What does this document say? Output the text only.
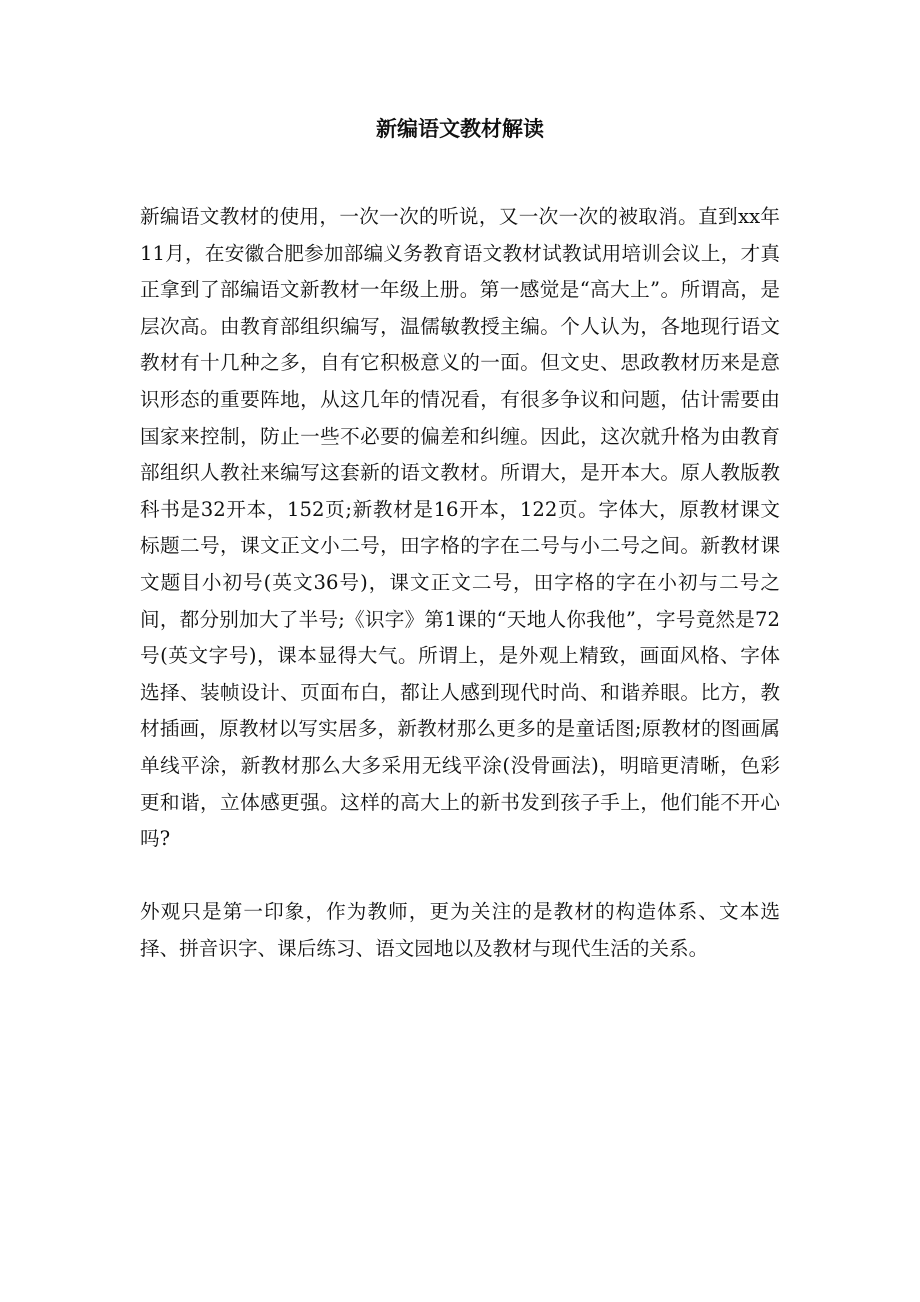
新编语文教材解读

新编语文教材的使用，一次一次的听说，又一次一次的被取消。直到xx年11月，在安徽合肥参加部编义务教育语文教材试教试用培训会议上，才真正拿到了部编语文新教材一年级上册。第一感觉是“高大上”。所谓高，是层次高。由教育部组织编写，温儒敏教授主编。个人认为，各地现行语文教材有十几种之多，自有它积极意义的一面。但文史、思政教材历来是意识形态的重要阵地，从这几年的情况看，有很多争议和问题，估计需要由国家来控制，防止一些不必要的偏差和纠缠。因此，这次就升格为由教育部组织人教社来编写这套新的语文教材。所谓大，是开本大。原人教版教科书是32开本，152页;新教材是16开本，122页。字体大，原教材课文标题二号，课文正文小二号，田字格的字在二号与小二号之间。新教材课文题目小初号(英文36号)，课文正文二号，田字格的字在小初与二号之间，都分别加大了半号;《识字》第1课的“天地人你我他”，字号竟然是72号(英文字号)，课本显得大气。所谓上，是外观上精致，画面风格、字体选择、装帧设计、页面布白，都让人感到现代时尚、和谐养眼。比方，教材插画，原教材以写实居多，新教材那么更多的是童话图;原教材的图画属单线平涂，新教材那么大多采用无线平涂(没骨画法)，明暗更清晰，色彩更和谐，立体感更强。这样的高大上的新书发到孩子手上，他们能不开心吗?

外观只是第一印象，作为教师，更为关注的是教材的构造体系、文本选择、拼音识字、课后练习、语文园地以及教材与现代生活的关系。
